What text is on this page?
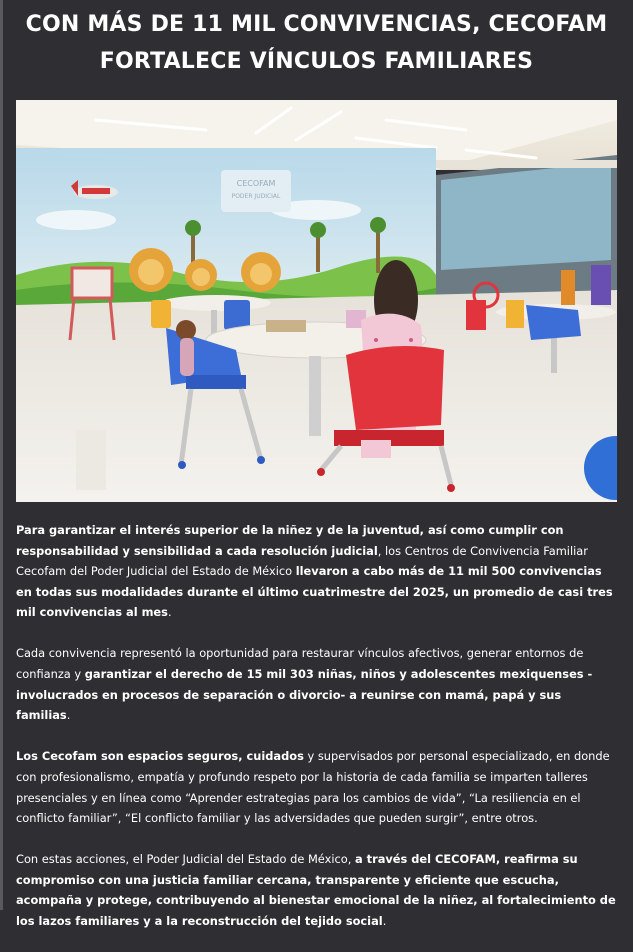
CON MÁS DE 11 MIL CONVIVENCIAS, CECOFAM
FORTALECE VÍNCULOS FAMILIARES
CECOFAM
PODER JUDICIAL

Para garantizar el interés superior de la niñez y de la juventud, así como cumplir con responsabilidad y sensibilidad a cada resolución judicial, los Centros de Convivencia Familiar Cecofam del Poder Judicial del Estado de México llevaron a cabo más de 11 mil 500 convivencias en todas sus modalidades durante el último cuatrimestre del 2025, un promedio de casi tres mil convivencias al mes.

Cada convivencia representó la oportunidad para restaurar vínculos afectivos, generar entornos de confianza y garantizar el derecho de 15 mil 303 niñas, niños y adolescentes mexiquenses - involucrados en procesos de separación o divorcio- a reunirse con mamá, papá y sus familias.

Los Cecofam son espacios seguros, cuidados y supervisados por personal especializado, en donde con profesionalismo, empatía y profundo respeto por la historia de cada familia se imparten talleres presenciales y en línea como “Aprender estrategias para los cambios de vida”, “La resiliencia en el conflicto familiar”, “El conflicto familiar y las adversidades que pueden surgir”, entre otros.

Con estas acciones, el Poder Judicial del Estado de México, a través del CECOFAM, reafirma su compromiso con una justicia familiar cercana, transparente y eficiente que escucha, acompaña y protege, contribuyendo al bienestar emocional de la niñez, al fortalecimiento de los lazos familiares y a la reconstrucción del tejido social.
